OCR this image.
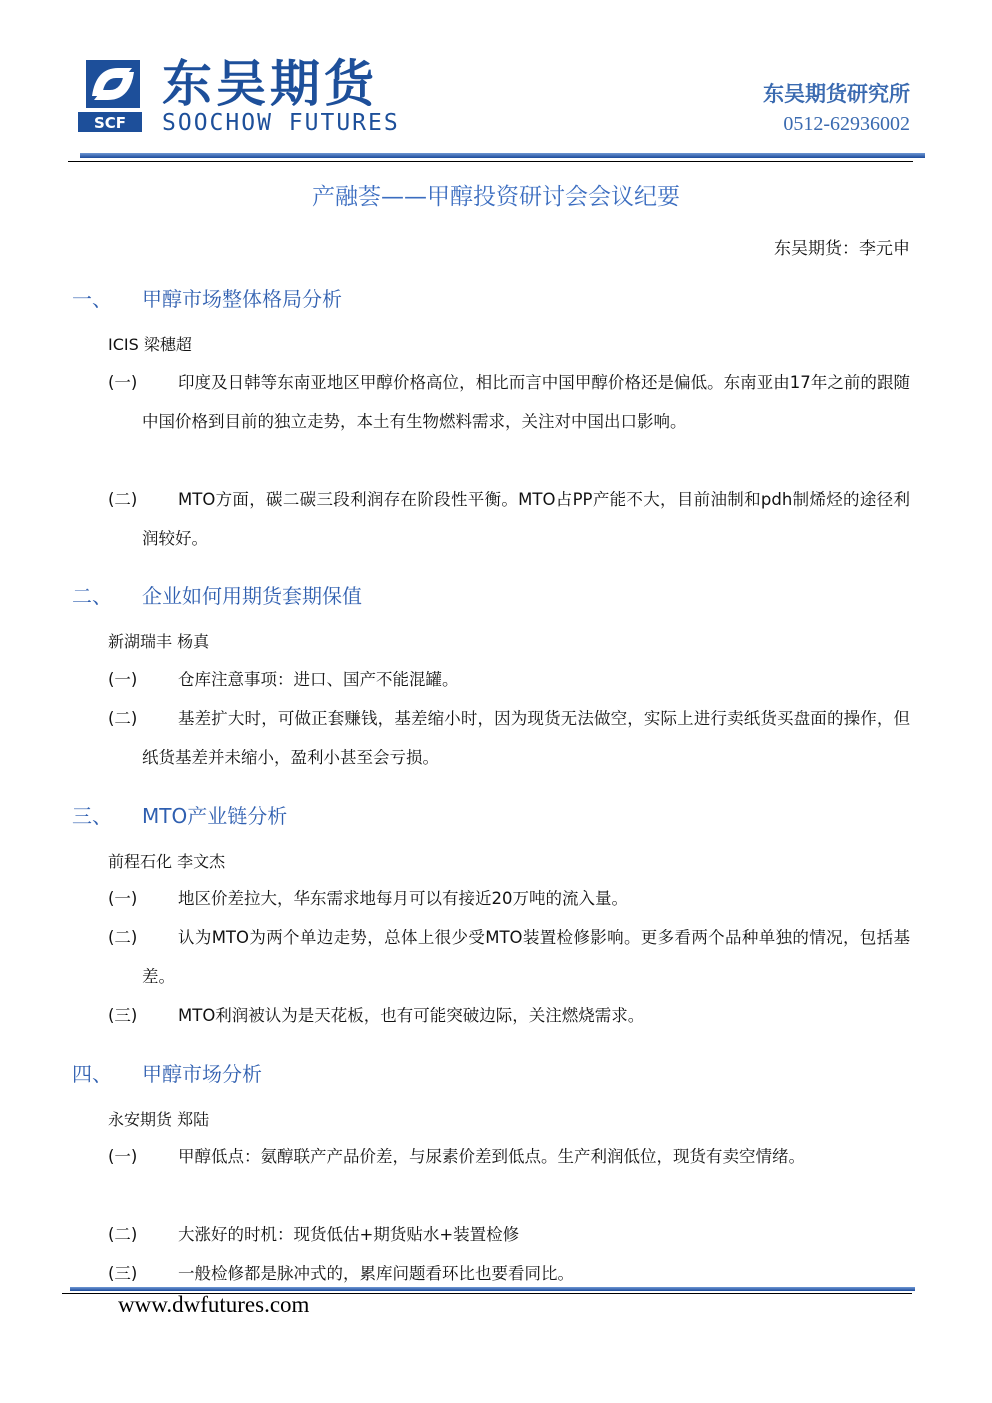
SCF
东吴期货
SOOCHOW FUTURES
东吴期货研究所
0512-62936002
产融荟——甲醇投资研讨会会议纪要
东吴期货：李元申
一、 甲醇市场整体格局分析
ICIS 梁穗超
(一)	印度及日韩等东南亚地区甲醇价格高位，相比而言中国甲醇价格还是偏低。东南亚由17年之前的跟随中国价格到目前的独立走势，本土有生物燃料需求，关注对中国出口影响。
(二)	MTO方面，碳二碳三段利润存在阶段性平衡。MTO占PP产能不大，目前油制和pdh制烯烃的途径利润较好。
二、 企业如何用期货套期保值
新湖瑞丰 杨真
(一)	仓库注意事项：进口、国产不能混罐。
(二)	基差扩大时，可做正套赚钱，基差缩小时，因为现货无法做空，实际上进行卖纸货买盘面的操作，但纸货基差并未缩小，盈利小甚至会亏损。
三、 MTO产业链分析
前程石化 李文杰
(一)	地区价差拉大，华东需求地每月可以有接近20万吨的流入量。
(二)	认为MTO为两个单边走势，总体上很少受MTO装置检修影响。更多看两个品种单独的情况，包括基差。
(三)	MTO利润被认为是天花板，也有可能突破边际，关注燃烧需求。
四、 甲醇市场分析
永安期货 郑陆
(一)	甲醇低点：氨醇联产产品价差，与尿素价差到低点。生产利润低位，现货有卖空情绪。
(二)	大涨好的时机：现货低估+期货贴水+装置检修
(三)	一般检修都是脉冲式的，累库问题看环比也要看同比。
www.dwfutures.com
